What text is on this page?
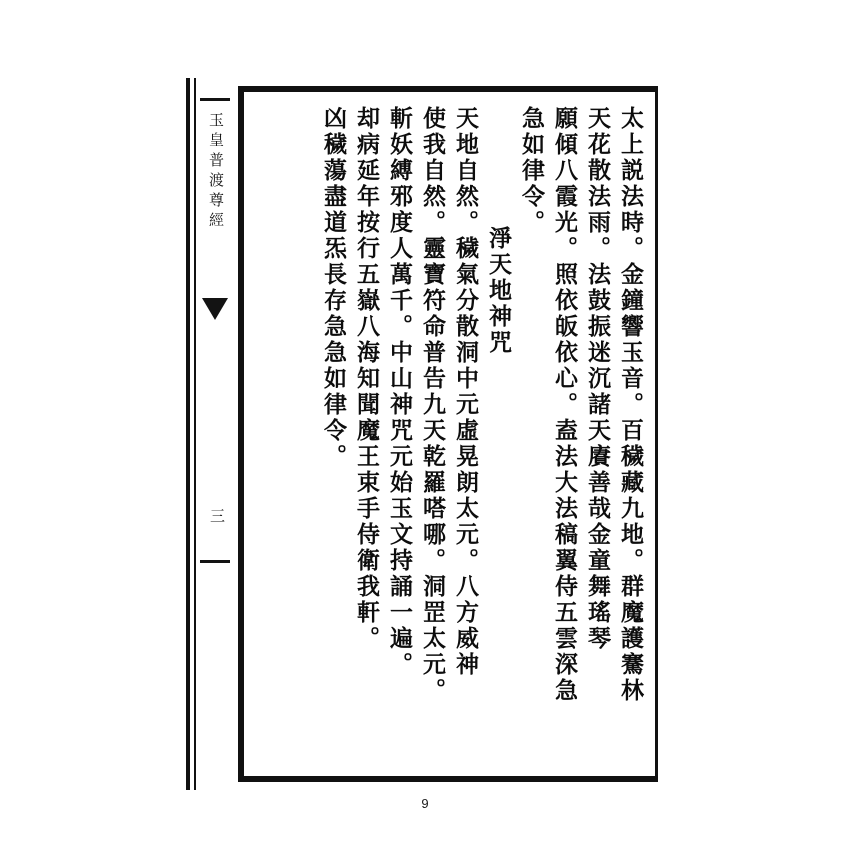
玉皇普渡尊經
三	太上説法時。金鐘響玉音。百穢藏九地。群魔護騫林
天花散法雨。法鼓振迷沉諸天賡善哉金童舞瑤琴
願傾八霞光。照依皈依心。盍法大法稿翼侍五雲深急
急如律令。
淨天地神咒
天地自然。穢氣分散洞中元虛晃朗太元。八方威神
使我自然。靈寶符命普告九天乾羅嗒哪。洞罡太元。
斬妖縛邪度人萬千。中山神咒元始玉文持誦一遍。
却病延年按行五嶽八海知聞魔王束手侍衛我軒。
凶穢蕩盡道炁長存急急如律令。
9
